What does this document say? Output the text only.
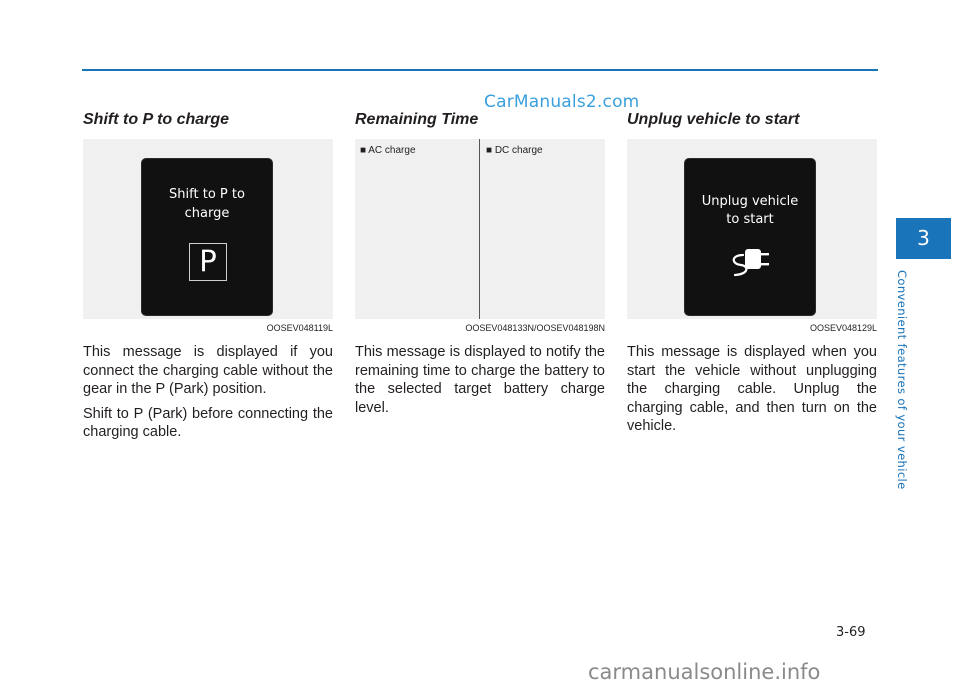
CarManuals2.com
Shift to P to charge
Shift to P to
charge
P
OOSEV048119L

This message is displayed if you connect the charging cable without the gear in the P (Park) position.

Shift to P (Park) before connecting the charging cable.

Remaining Time
■ AC charge	■ DC charge
OOSEV048133N/OOSEV048198N

This message is displayed to notify the remaining time to charge the battery to the selected target battery charge level.

Unplug vehicle to start
Unplug vehicle
to start
OOSEV048129L

This message is displayed when you start the vehicle without unplugging the charging cable. Unplug the charging cable, and then turn on the vehicle.

3
Convenient features of your vehicle
3-69
carmanualsonline.info
